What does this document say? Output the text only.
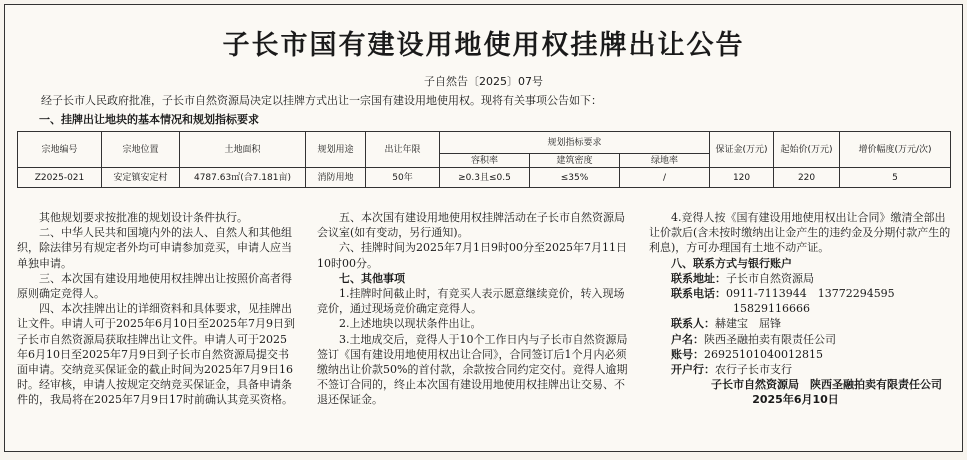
子长市国有建设用地使用权挂牌出让公告
子自然告〔2025〕07号
经子长市人民政府批准，子长市自然资源局决定以挂牌方式出让一宗国有建设用地使用权。现将有关事项公告如下：
一、挂牌出让地块的基本情况和规划指标要求
宗地编号	宗地位置	土地面积	规划用途	出让年限	规划指标要求			保证金(万元)	起始价(万元)	增价幅度(万元/次)
					容积率	建筑密度	绿地率			
Z2025-021	安定镇安定村	4787.63㎡(合7.181亩)	消防用地	50年	≥0.3且≤0.5	≤35%	/	120	220	5

其他规划要求按批准的规划设计条件执行。

二、中华人民共和国境内外的法人、自然人和其他组织，除法律另有规定者外均可申请参加竞买，申请人应当单独申请。

三、本次国有建设用地使用权挂牌出让按照价高者得原则确定竞得人。

四、本次挂牌出让的详细资料和具体要求，见挂牌出让文件。申请人可于2025年6月10日至2025年7月9日到子长市自然资源局获取挂牌出让文件。申请人可于2025年6月10日至2025年7月9日到子长市自然资源局提交书面申请。交纳竞买保证金的截止时间为2025年7月9日16时。经审核，申请人按规定交纳竞买保证金，具备申请条件的，我局将在2025年7月9日17时前确认其竞买资格。

五、本次国有建设用地使用权挂牌活动在子长市自然资源局会议室(如有变动，另行通知)。

六、挂牌时间为2025年7月1日9时00分至2025年7月11日10时00分。

七、其他事项

1.挂牌时间截止时，有竞买人表示愿意继续竞价，转入现场竞价，通过现场竞价确定竞得人。

2.上述地块以现状条件出让。

3.土地成交后，竞得人于10个工作日内与子长市自然资源局签订《国有建设用地使用权出让合同》，合同签订后1个月内必须缴纳出让价款50%的首付款，余款按合同约定交付。竞得人逾期不签订合同的，终止本次国有建设用地使用权挂牌出让交易、不退还保证金。

4.竞得人按《国有建设用地使用权出让合同》缴清全部出让价款后(含未按时缴纳出让金产生的违约金及分期付款产生的利息)，方可办理国有土地不动产证。

八、联系方式与银行账户

联系地址：子长市自然资源局

联系电话：0911-7113944　13772294595

15829116666

联系人：赫建宝　屈锋

户名：陕西圣融拍卖有限责任公司

账号：26925101040012815

开户行：农行子长市支行

子长市自然资源局　陕西圣融拍卖有限责任公司

2025年6月10日
